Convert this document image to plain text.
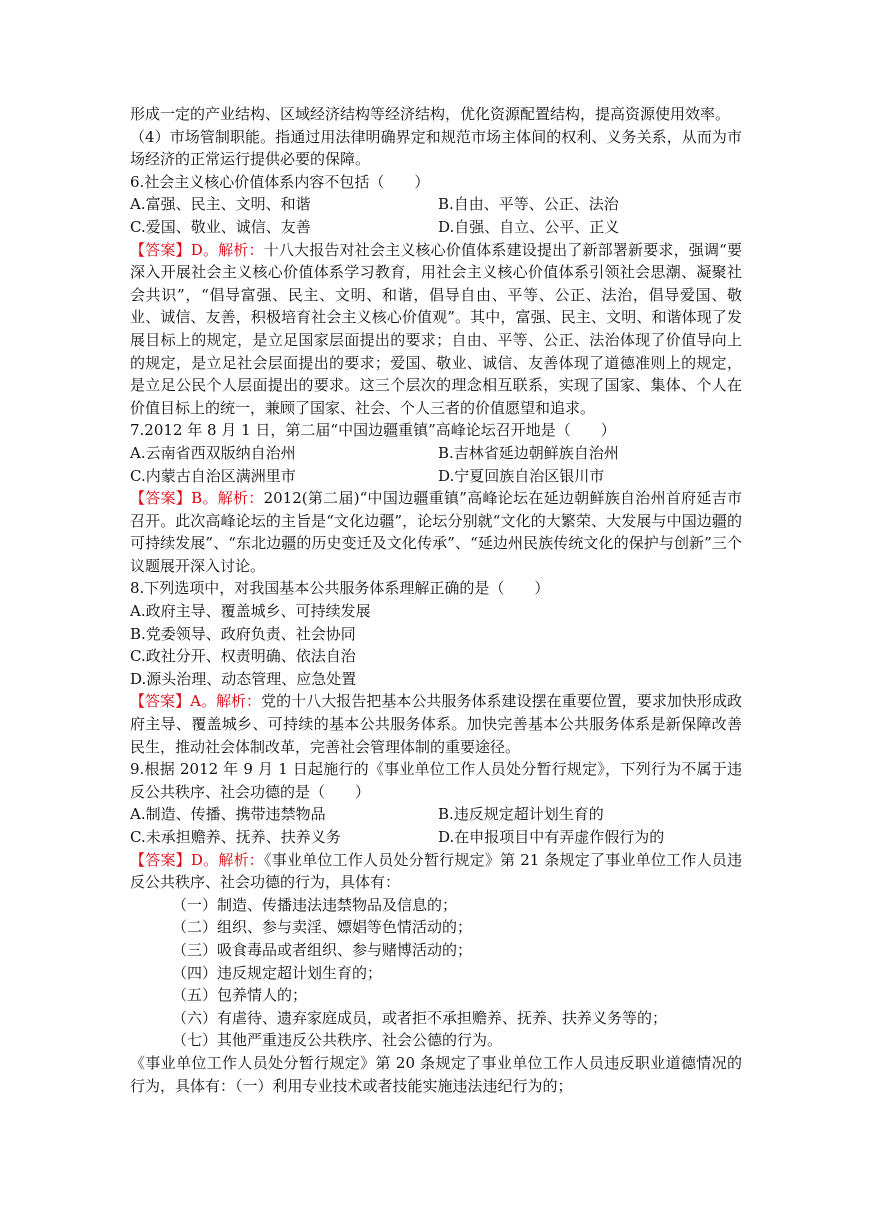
形成一定的产业结构、区域经济结构等经济结构，优化资源配置结构，提高资源使用效率。
（4）市场管制职能。指通过用法律明确界定和规范市场主体间的权利、义务关系，从而为市场经济的正常运行提供必要的保障。
6.社会主义核心价值体系内容不包括（　　）
A.富强、民主、文明、和谐	B.自由、平等、公正、法治
C.爱国、敬业、诚信、友善	D.自强、自立、公平、正义
【答案】D。解析：十八大报告对社会主义核心价值体系建设提出了新部署新要求，强调“要深入开展社会主义核心价值体系学习教育，用社会主义核心价值体系引领社会思潮、凝聚社会共识”，“倡导富强、民主、文明、和谐，倡导自由、平等、公正、法治，倡导爱国、敬业、诚信、友善，积极培育社会主义核心价值观”。其中，富强、民主、文明、和谐体现了发展目标上的规定，是立足国家层面提出的要求；自由、平等、公正、法治体现了价值导向上的规定，是立足社会层面提出的要求；爱国、敬业、诚信、友善体现了道德准则上的规定，是立足公民个人层面提出的要求。这三个层次的理念相互联系，实现了国家、集体、个人在价值目标上的统一，兼顾了国家、社会、个人三者的价值愿望和追求。
7.2012 年 8 月 1 日，第二届“中国边疆重镇”高峰论坛召开地是（　　）
A.云南省西双版纳自治州	B.吉林省延边朝鲜族自治州
C.内蒙古自治区满洲里市	D.宁夏回族自治区银川市
【答案】B。解析：2012(第二届)“中国边疆重镇”高峰论坛在延边朝鲜族自治州首府延吉市召开。此次高峰论坛的主旨是“文化边疆”，论坛分别就“文化的大繁荣、大发展与中国边疆的可持续发展”、“东北边疆的历史变迁及文化传承”、“延边州民族传统文化的保护与创新”三个议题展开深入讨论。
8.下列选项中，对我国基本公共服务体系理解正确的是（　　）
A.政府主导、覆盖城乡、可持续发展
B.党委领导、政府负责、社会协同
C.政社分开、权责明确、依法自治
D.源头治理、动态管理、应急处置
【答案】A。解析：党的十八大报告把基本公共服务体系建设摆在重要位置，要求加快形成政府主导、覆盖城乡、可持续的基本公共服务体系。加快完善基本公共服务体系是新保障改善民生，推动社会体制改革，完善社会管理体制的重要途径。
9.根据 2012 年 9 月 1 日起施行的《事业单位工作人员处分暂行规定》，下列行为不属于违反公共秩序、社会功德的是（　　）
A.制造、传播、携带违禁物品	B.违反规定超计划生育的
C.未承担赡养、抚养、扶养义务	D.在申报项目中有弄虚作假行为的
【答案】D。解析：《事业单位工作人员处分暂行规定》第 21 条规定了事业单位工作人员违反公共秩序、社会功德的行为，具体有：
（一）制造、传播违法违禁物品及信息的；
（二）组织、参与卖淫、嫖娼等色情活动的；
（三）吸食毒品或者组织、参与赌博活动的；
（四）违反规定超计划生育的；
（五）包养情人的；
（六）有虐待、遗弃家庭成员，或者拒不承担赡养、抚养、扶养义务等的；
（七）其他严重违反公共秩序、社会公德的行为。
《事业单位工作人员处分暂行规定》第 20 条规定了事业单位工作人员违反职业道德情况的行为，具体有：（一）利用专业技术或者技能实施违法违纪行为的；
